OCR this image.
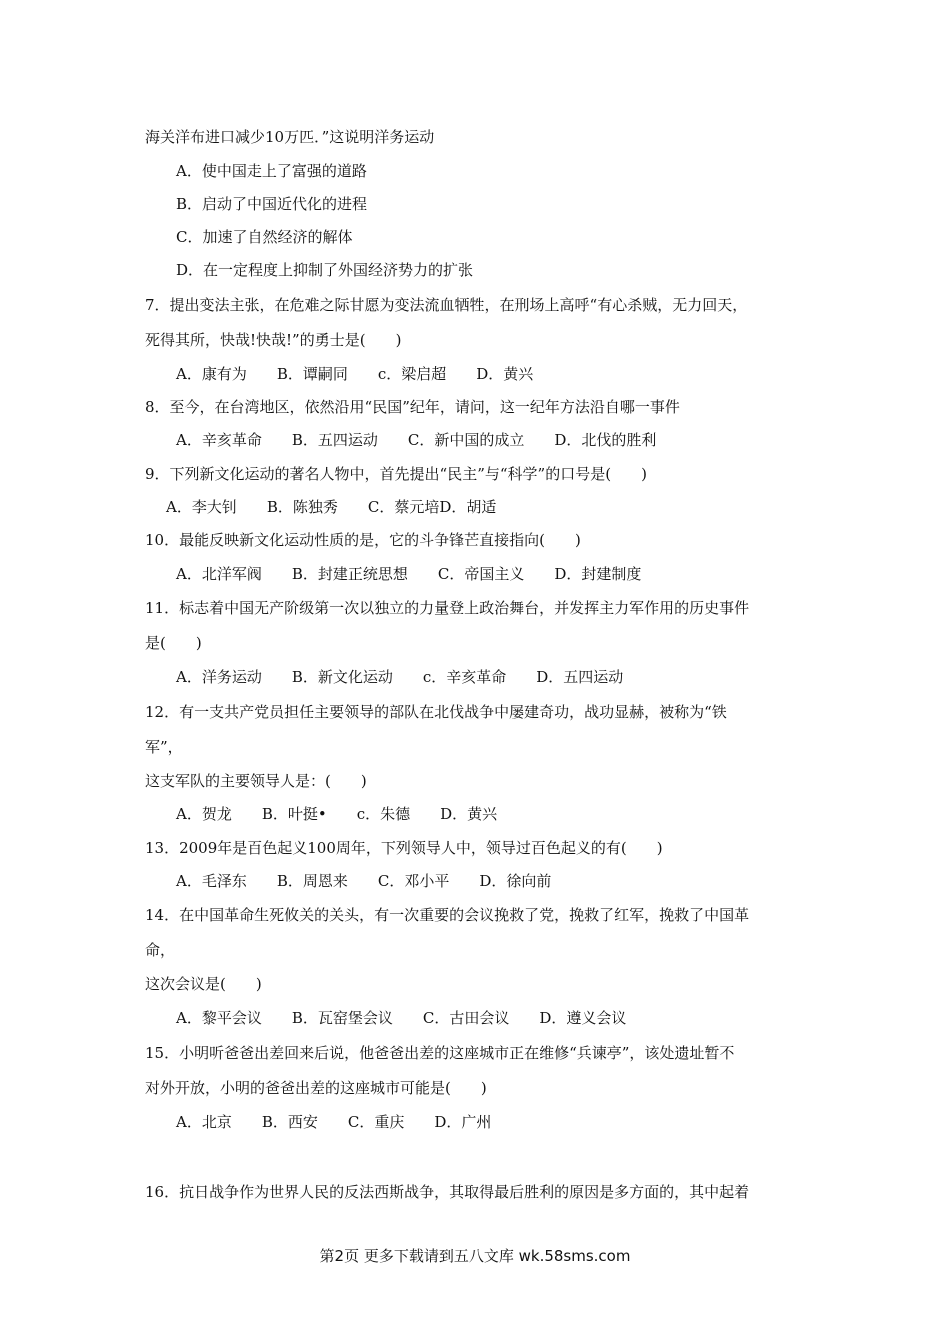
海关洋布进口减少10万匹．”这说明洋务运动
A．使中国走上了富强的道路
B．启动了中国近代化的进程
C．加速了自然经济的解体
D．在一定程度上抑制了外国经济势力的扩张
7．提出变法主张，在危难之际甘愿为变法流血牺牲，在刑场上高呼“有心杀贼，无力回天，
死得其所，快哉!快哉!”的勇士是(　　)
A．康有为　　B．谭嗣同　　c．梁启超　　D．黄兴
8．至今，在台湾地区，依然沿用“民国”纪年，请问，这一纪年方法沿自哪一事件
A．辛亥革命　　B．五四运动　　C．新中国的成立　　D．北伐的胜利
9．下列新文化运动的著名人物中，首先提出“民主”与“科学”的口号是(　　)
A．李大钊　　B．陈独秀　　C．蔡元培D．胡适
10．最能反映新文化运动性质的是，它的斗争锋芒直接指向(　　)
A．北洋军阀　　B．封建正统思想　　C．帝国主义　　D．封建制度
11．标志着中国无产阶级第一次以独立的力量登上政治舞台，并发挥主力军作用的历史事件
是(　　)
A．洋务运动　　B．新文化运动　　c．辛亥革命　　D．五四运动
12．有一支共产党员担任主要领导的部队在北伐战争中屡建奇功，战功显赫，被称为“铁
军”，
这支军队的主要领导人是：(　　)
A．贺龙　　B．叶挺•　　c．朱德　　D．黄兴
13．2009年是百色起义100周年，下列领导人中，领导过百色起义的有(　　)
A．毛泽东　　B．周恩来　　C．邓小平　　D．徐向前
14．在中国革命生死攸关的关头，有一次重要的会议挽救了党，挽救了红军，挽救了中国革
命，
这次会议是(　　)
A．黎平会议　　B．瓦窑堡会议　　C．古田会议　　D．遵义会议
15．小明听爸爸出差回来后说，他爸爸出差的这座城市正在维修“兵谏亭”，该处遗址暂不
对外开放，小明的爸爸出差的这座城市可能是(　　)
A．北京　　B．西安　　C．重庆　　D．广州
16．抗日战争作为世界人民的反法西斯战争，其取得最后胜利的原因是多方面的，其中起着
第2页 更多下载请到五八文库 wk.58sms.com
